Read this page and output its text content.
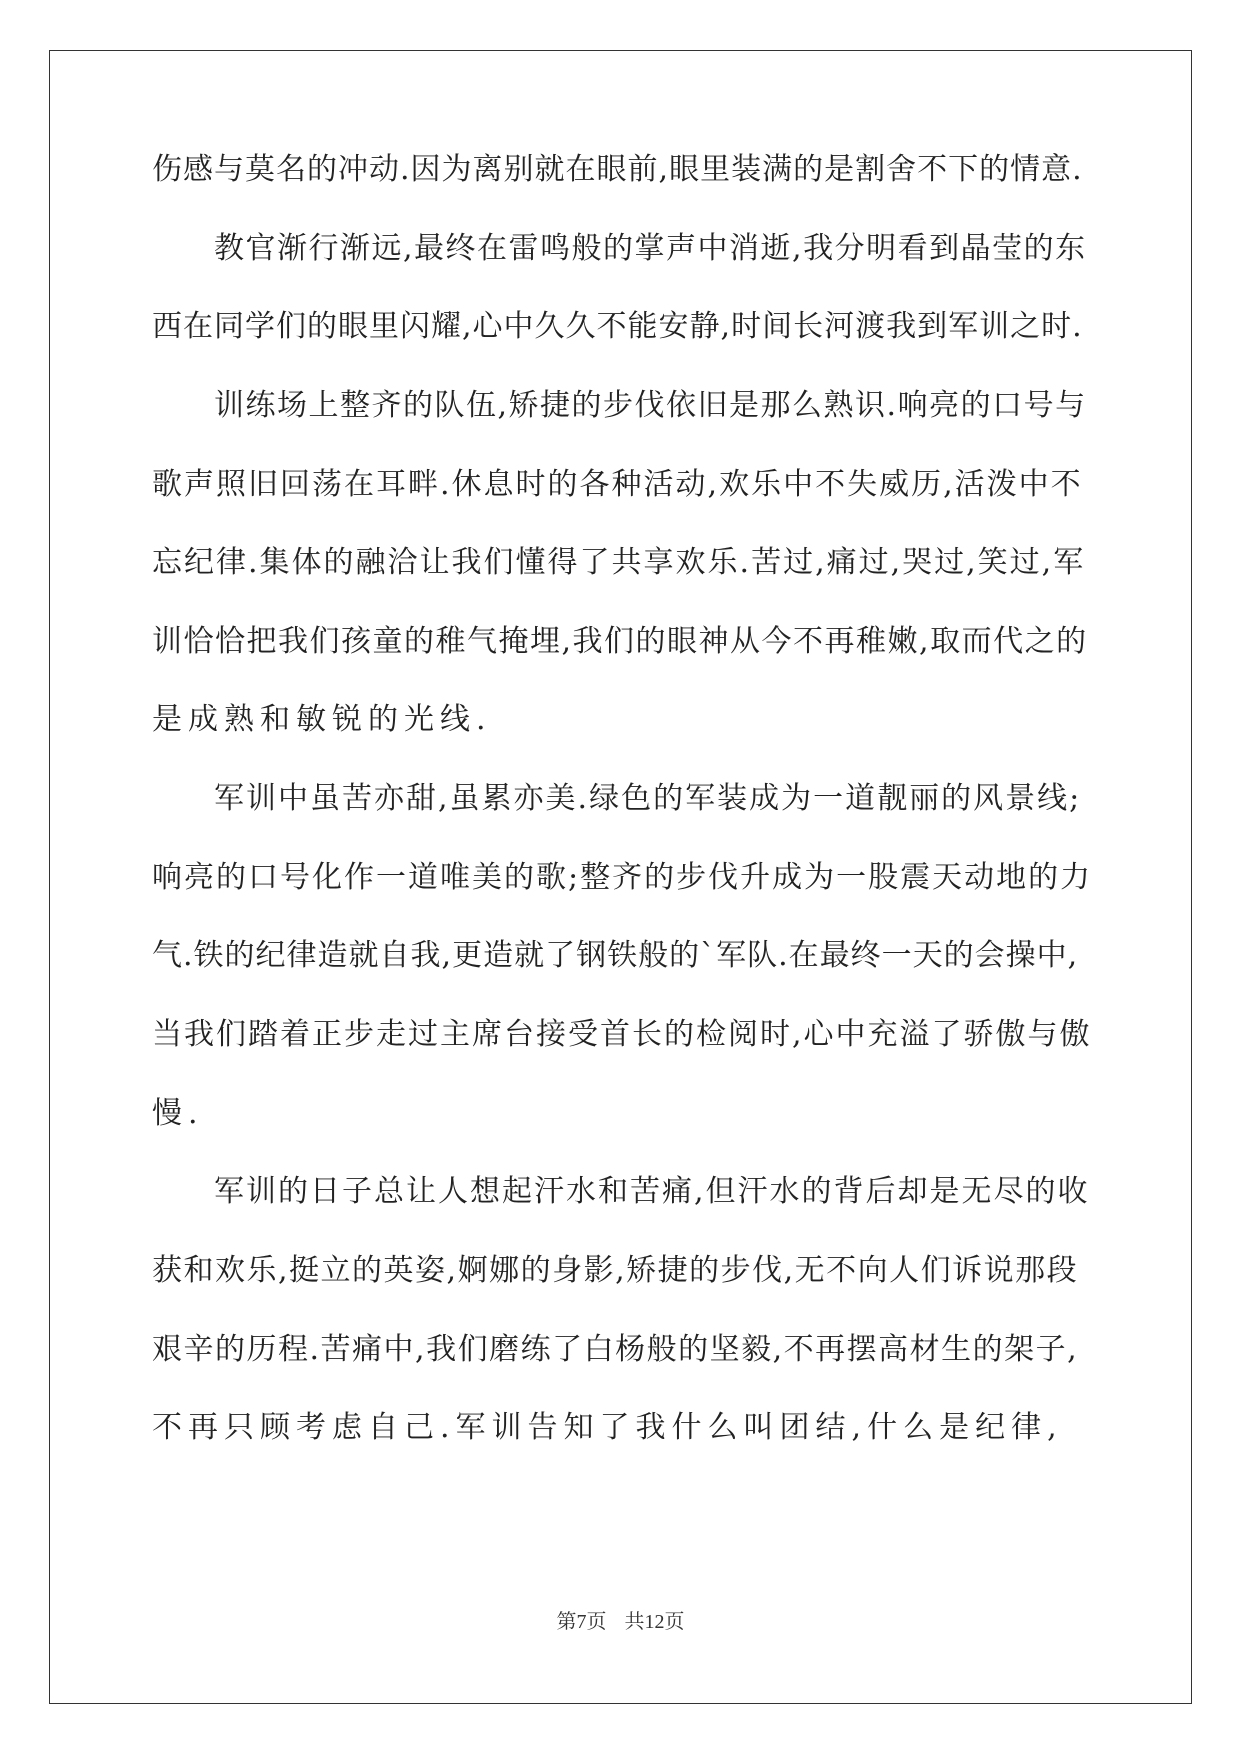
伤感与莫名的冲动.因为离别就在眼前,眼里装满的是割舍不下的情意.
教官渐行渐远,最终在雷鸣般的掌声中消逝,我分明看到晶莹的东
西在同学们的眼里闪耀,心中久久不能安静,时间长河渡我到军训之时.
训练场上整齐的队伍,矫捷的步伐依旧是那么熟识.响亮的口号与
歌声照旧回荡在耳畔.休息时的各种活动,欢乐中不失威历,活泼中不
忘纪律.集体的融洽让我们懂得了共享欢乐.苦过,痛过,哭过,笑过,军
训恰恰把我们孩童的稚气掩埋,我们的眼神从今不再稚嫩,取而代之的
是成熟和敏锐的光线.
军训中虽苦亦甜,虽累亦美.绿色的军装成为一道靓丽的风景线;
响亮的口号化作一道唯美的歌;整齐的步伐升成为一股震天动地的力
气.铁的纪律造就自我,更造就了钢铁般的`军队.在最终一天的会操中,
当我们踏着正步走过主席台接受首长的检阅时,心中充溢了骄傲与傲
慢.
军训的日子总让人想起汗水和苦痛,但汗水的背后却是无尽的收
获和欢乐,挺立的英姿,婀娜的身影,矫捷的步伐,无不向人们诉说那段
艰辛的历程.苦痛中,我们磨练了白杨般的坚毅,不再摆高材生的架子,
不再只顾考虑自己.军训告知了我什么叫团结,什么是纪律,
第7页 共12页
